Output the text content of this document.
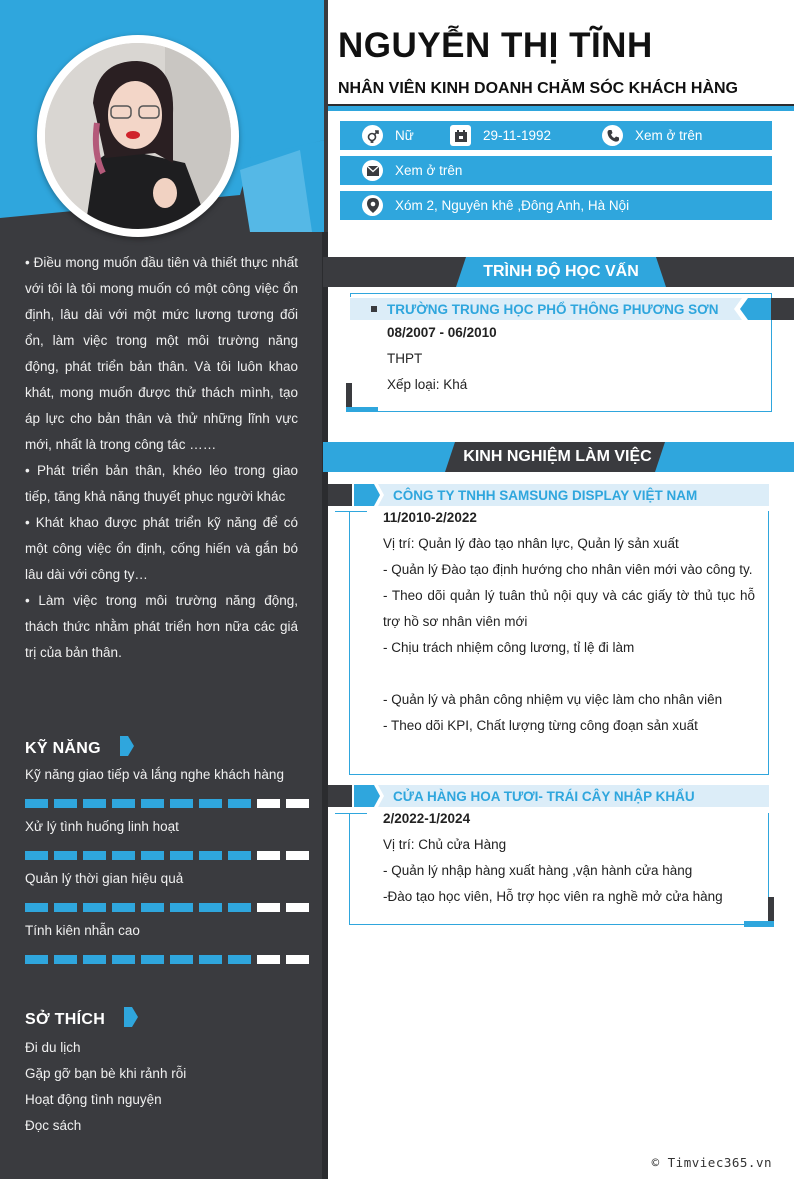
• Điều mong muốn đầu tiên và thiết thực nhất với tôi là tôi mong muốn có một công việc ổn định, lâu dài với một mức lương tương đối ổn, làm việc trong một môi trường năng động, phát triển bản thân. Và tôi luôn khao khát, mong muốn được thử thách mình, tạo áp lực cho bản thân và thử những lĩnh vực mới, nhất là trong công tác ……

• Phát triển bản thân, khéo léo trong giao tiếp, tăng khả năng thuyết phục người khác

• Khát khao được phát triển kỹ năng để có một công việc ổn định, cống hiến và gắn bó lâu dài với công ty…

• Làm việc trong môi trường năng động, thách thức nhằm phát triển hơn nữa các giá trị của bản thân.

KỸ NĂNG
Kỹ năng giao tiếp và lắng nghe khách hàng
Xử lý tình huống linh hoạt
Quản lý thời gian hiệu quả
Tính kiên nhẫn cao
SỞ THÍCH
Đi du lịch
Gặp gỡ bạn bè khi rảnh rỗi
Hoạt động tình nguyện
Đọc sách
NGUYỄN THỊ TĨNH
NHÂN VIÊN KINH DOANH CHĂM SÓC KHÁCH HÀNG
Nữ	29-11-1992	Xem ở trên
Xem ở trên
Xóm 2, Nguyên khê ,Đông Anh, Hà Nội
TRÌNH ĐỘ HỌC VẤN
TRƯỜNG TRUNG HỌC PHỔ THÔNG PHƯƠNG SƠN
08/2007 - 06/2010
THPT
Xếp loại: Khá
KINH NGHIỆM LÀM VIỆC
CÔNG TY TNHH SAMSUNG DISPLAY VIỆT NAM
11/2010-2/2022
Vị trí: Quản lý đào tạo nhân lực, Quản lý sản xuất
- Quản lý Đào tạo định hướng cho nhân viên mới vào công ty.
- Theo dõi quản lý tuân thủ nội quy và các giấy tờ thủ tục hỗ trợ hồ sơ nhân viên mới
- Chịu trách nhiệm công lương, tỉ lệ đi làm
- Quản lý và phân công nhiệm vụ việc làm cho nhân viên
- Theo dõi KPI, Chất lượng từng công đoạn sản xuất
CỬA HÀNG HOA TƯƠI- TRÁI CÂY NHẬP KHẨU
2/2022-1/2024
Vị trí: Chủ cửa Hàng
- Quản lý nhập hàng xuất hàng ,vận hành cửa hàng
-Đào tạo học viên, Hỗ trợ học viên ra nghề mở cửa hàng
© Timviec365.vn
